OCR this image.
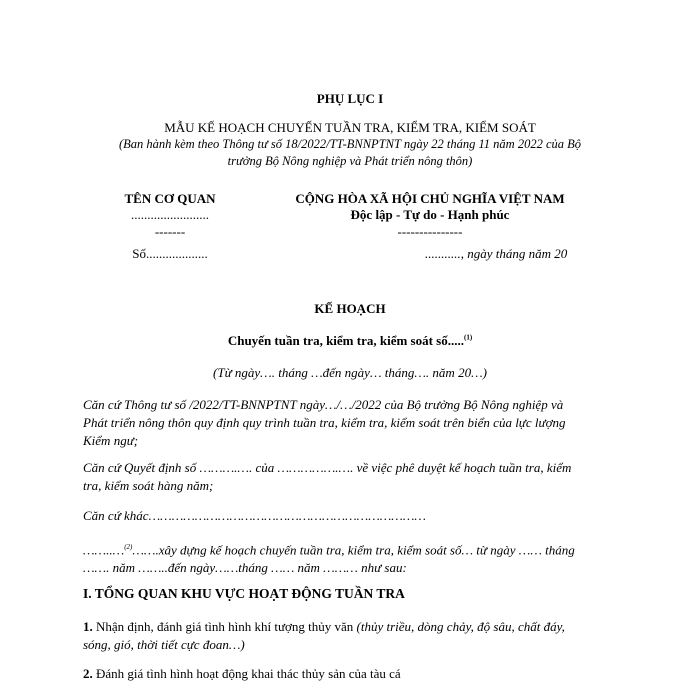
PHỤ LỤC I
MẪU KẾ HOẠCH CHUYẾN TUẦN TRA, KIỂM TRA, KIỂM SOÁT
(Ban hành kèm theo Thông tư số 18/2022/TT-BNNPTNT ngày 22 tháng 11 năm 2022 của Bộ
trưởng Bộ Nông nghiệp và Phát triển nông thôn)
TÊN CƠ QUAN
........................
-------
Số...................
CỘNG HÒA XÃ HỘI CHỦ NGHĨA VIỆT NAM
Độc lập - Tự do - Hạnh phúc
---------------
..........., ngày tháng năm 20
KẾ HOẠCH
Chuyến tuần tra, kiểm tra, kiểm soát số.....$^{(1)}$
(Từ ngày…. tháng …đến ngày… tháng…. năm 20…)
Căn cứ Thông tư số /2022/TT-BNNPTNT ngày…/…/2022 của Bộ trưởng Bộ Nông nghiệp và
Phát triển nông thôn quy định quy trình tuần tra, kiểm tra, kiểm soát trên biển của lực lượng
Kiểm ngư;
Căn cứ Quyết định số ……….…. của …………….…. về việc phê duyệt kế hoạch tuần tra, kiểm
tra, kiểm soát hàng năm;
Căn cứ khác………………………………………………………………
……..…$^{(2)}$…….xây dựng kế hoạch chuyến tuần tra, kiểm tra, kiểm soát số… từ ngày …… tháng
……. năm ……..đến ngày……tháng …… năm ……… như sau:
I. TỔNG QUAN KHU VỰC HOẠT ĐỘNG TUẦN TRA
1. Nhận định, đánh giá tình hình khí tượng thủy văn (thủy triều, dòng chảy, độ sâu, chất đáy,
sóng, gió, thời tiết cực đoan…)
2. Đánh giá tình hình hoạt động khai thác thủy sản của tàu cá
